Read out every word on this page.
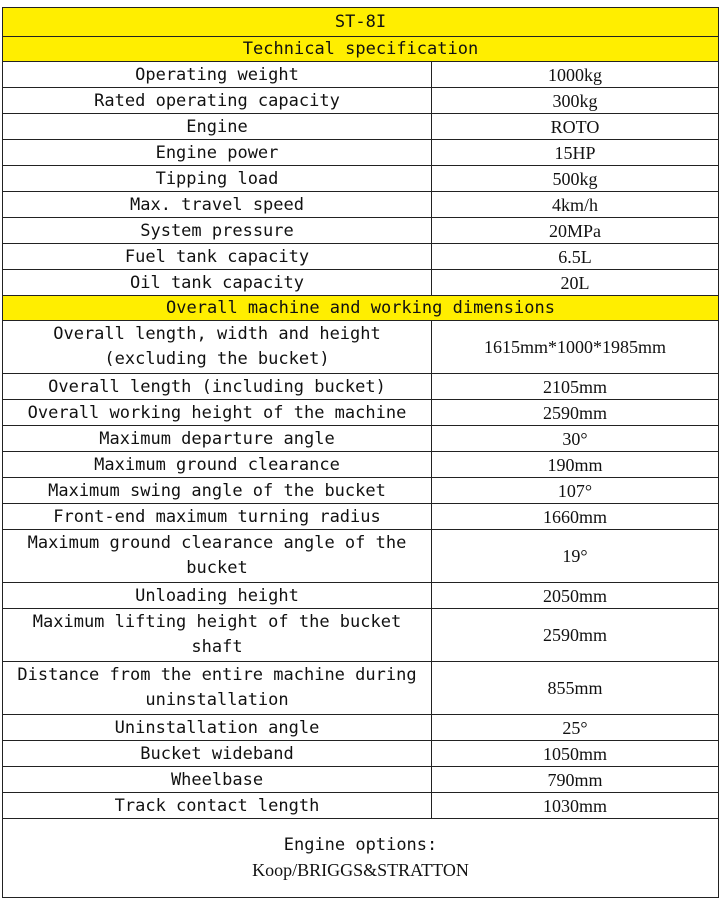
ST-8I	
Technical specification	
Operating weight	1000kg
Rated operating capacity	300kg
Engine	ROTO
Engine power	15HP
Tipping load	500kg
Max. travel speed	4km/h
System pressure	20MPa
Fuel tank capacity	6.5L
Oil tank capacity	20L
Overall machine and working dimensions	
Overall length, width and height (excluding the bucket)	1615mm*1000*1985mm
Overall length (including bucket)	2105mm
Overall working height of the machine	2590mm
Maximum departure angle	30°
Maximum ground clearance	190mm
Maximum swing angle of the bucket	107°
Front-end maximum turning radius	1660mm
Maximum ground clearance angle of the bucket	19°
Unloading height	2050mm
Maximum lifting height of the bucket shaft	2590mm
Distance from the entire machine during uninstallation	855mm
Uninstallation angle	25°
Bucket wideband	1050mm
Wheelbase	790mm
Track contact length	1030mm

Engine options:
Koop/BRIGGS&STRATTON	
